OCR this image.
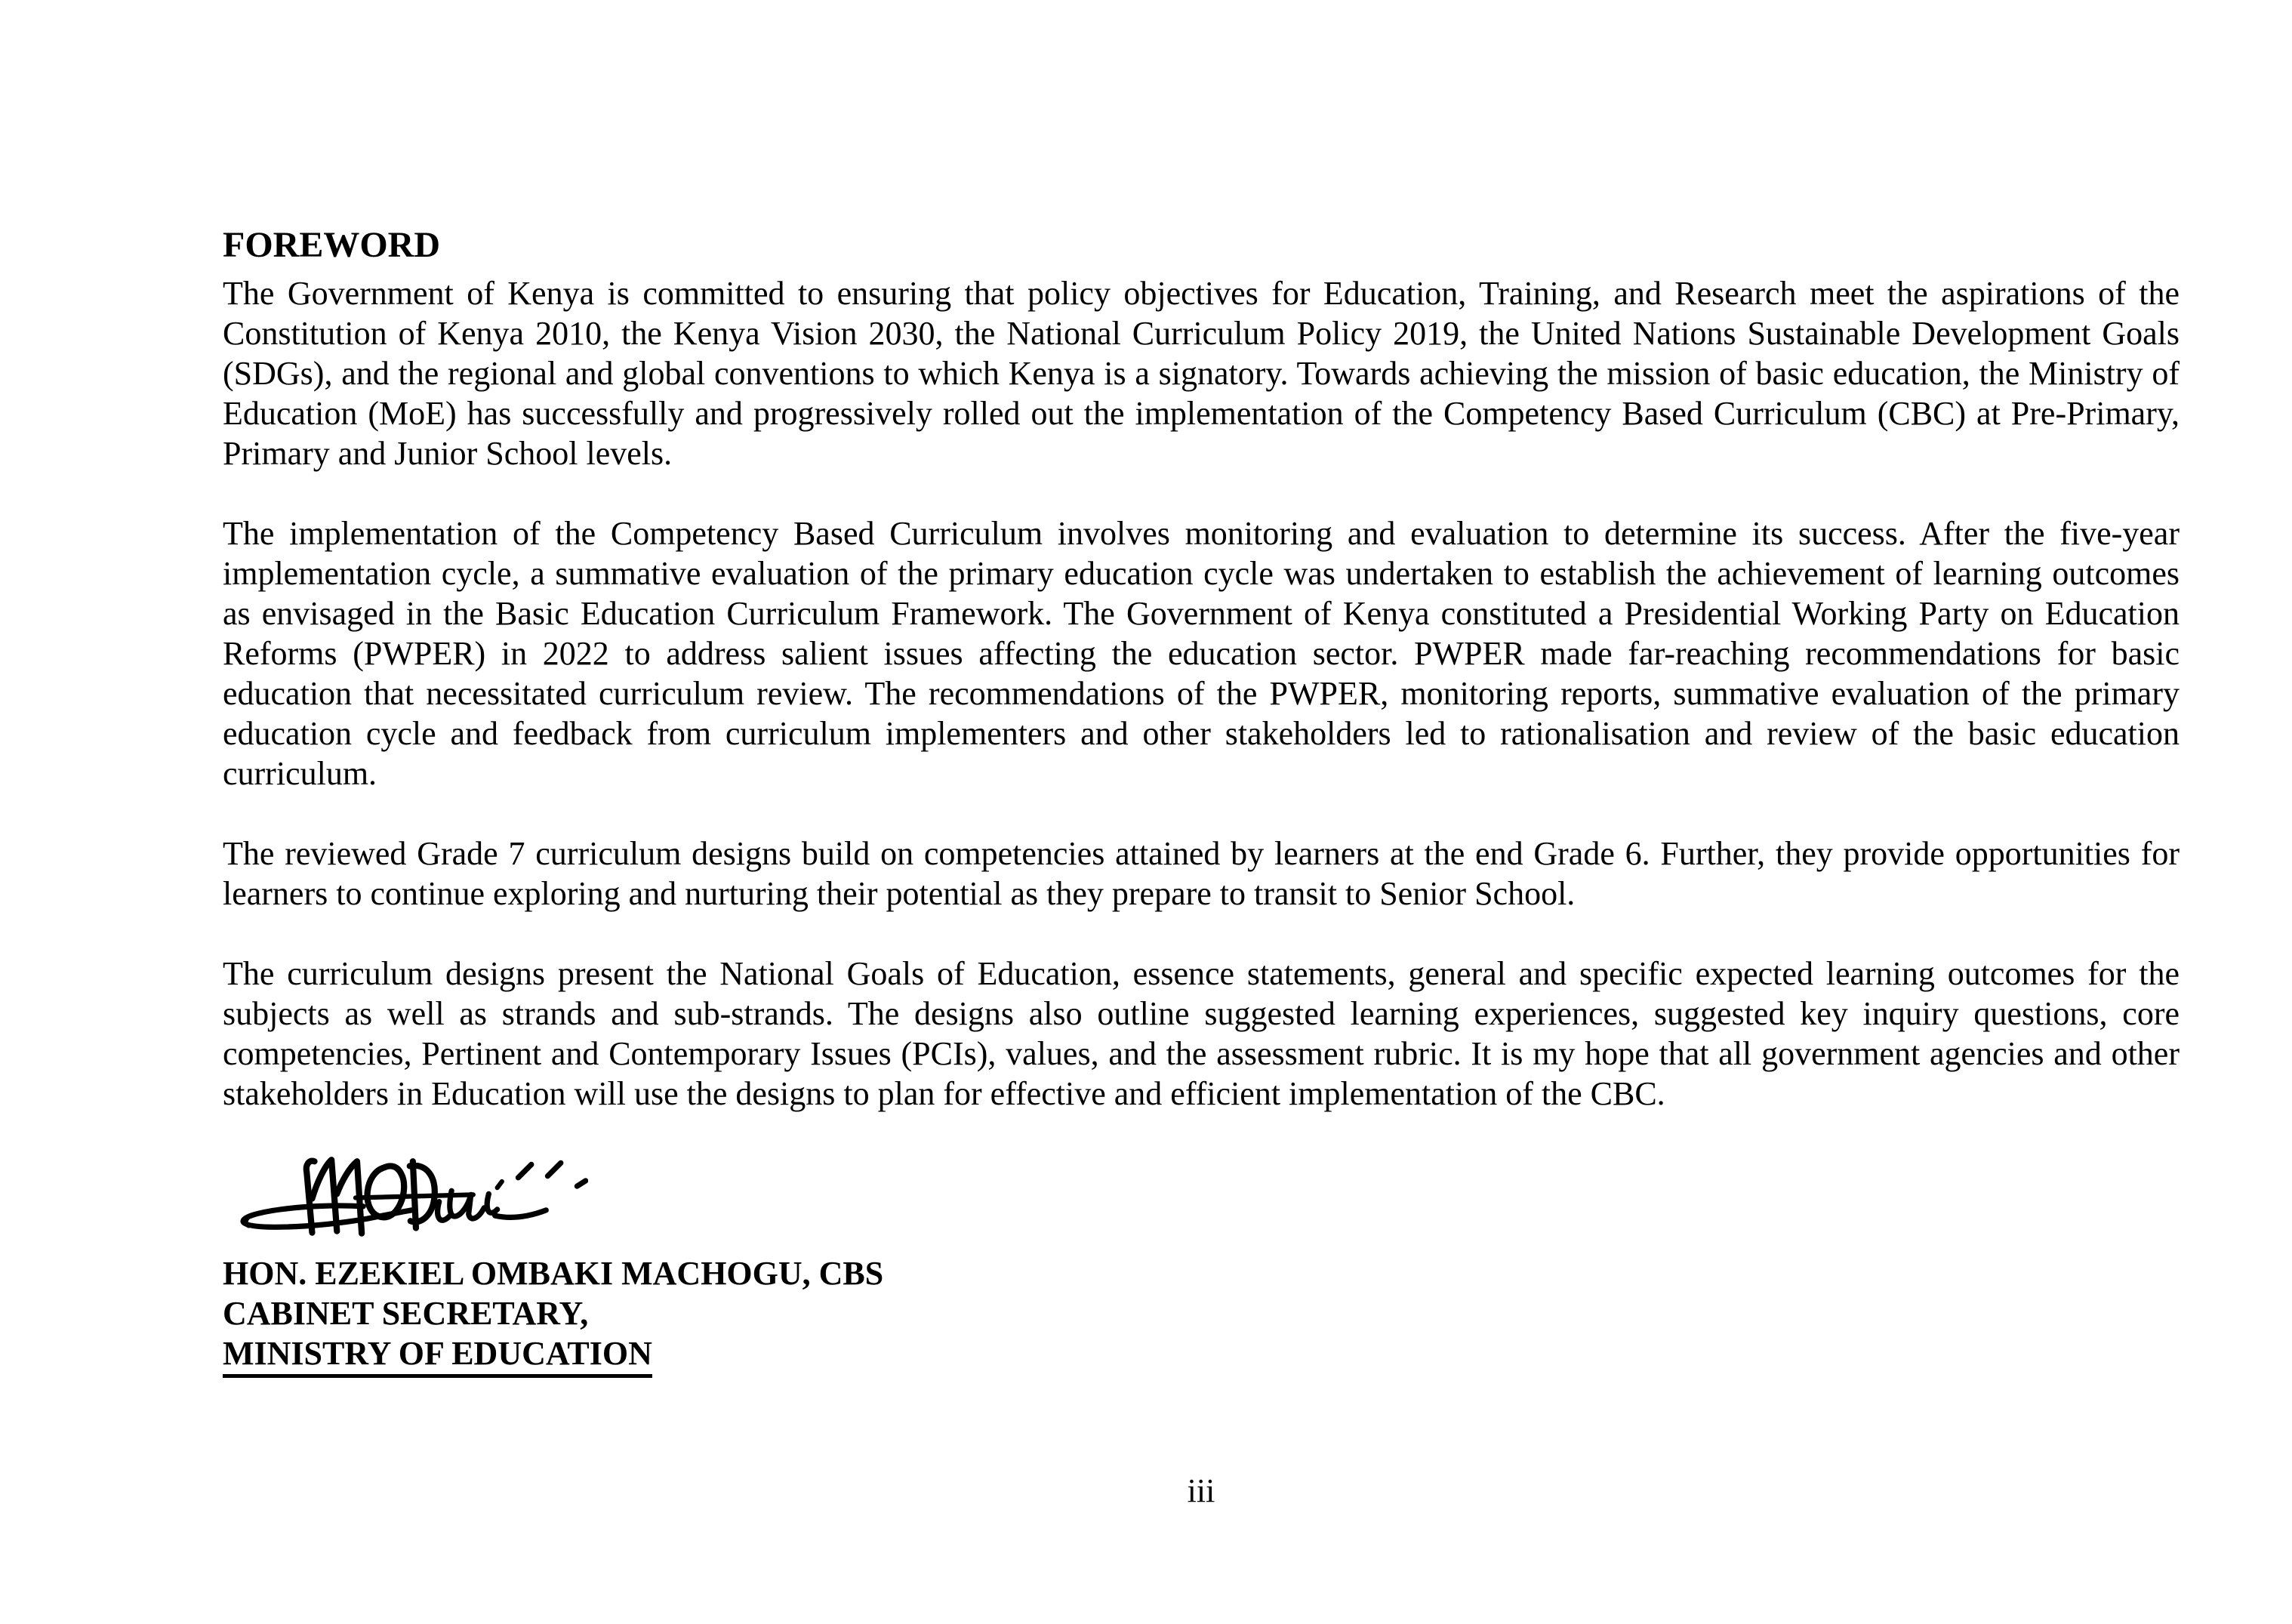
FOREWORD

The Government of Kenya is committed to ensuring that policy objectives for Education, Training, and Research meet the aspirations of the Constitution of Kenya 2010, the Kenya Vision 2030, the National Curriculum Policy 2019, the United Nations Sustainable Development Goals (SDGs), and the regional and global conventions to which Kenya is a signatory. Towards achieving the mission of basic education, the Ministry of Education (MoE) has successfully and progressively rolled out the implementation of the Competency Based Curriculum (CBC) at Pre-Primary, Primary and Junior School levels.

The implementation of the Competency Based Curriculum involves monitoring and evaluation to determine its success. After the five-year implementation cycle, a summative evaluation of the primary education cycle was undertaken to establish the achievement of learning outcomes as envisaged in the Basic Education Curriculum Framework. The Government of Kenya constituted a Presidential Working Party on Education Reforms (PWPER) in 2022 to address salient issues affecting the education sector. PWPER made far-reaching recommendations for basic education that necessitated curriculum review. The recommendations of the PWPER, monitoring reports, summative evaluation of the primary education cycle and feedback from curriculum implementers and other stakeholders led to rationalisation and review of the basic education curriculum.

The reviewed Grade 7 curriculum designs build on competencies attained by learners at the end Grade 6. Further, they provide opportunities for learners to continue exploring and nurturing their potential as they prepare to transit to Senior School.

The curriculum designs present the National Goals of Education, essence statements, general and specific expected learning outcomes for the subjects as well as strands and sub-strands. The designs also outline suggested learning experiences, suggested key inquiry questions, core competencies, Pertinent and Contemporary Issues (PCIs), values, and the assessment rubric. It is my hope that all government agencies and other stakeholders in Education will use the designs to plan for effective and efficient implementation of the CBC.

HON. EZEKIEL OMBAKI MACHOGU, CBS
CABINET SECRETARY,
MINISTRY OF EDUCATION
iii
